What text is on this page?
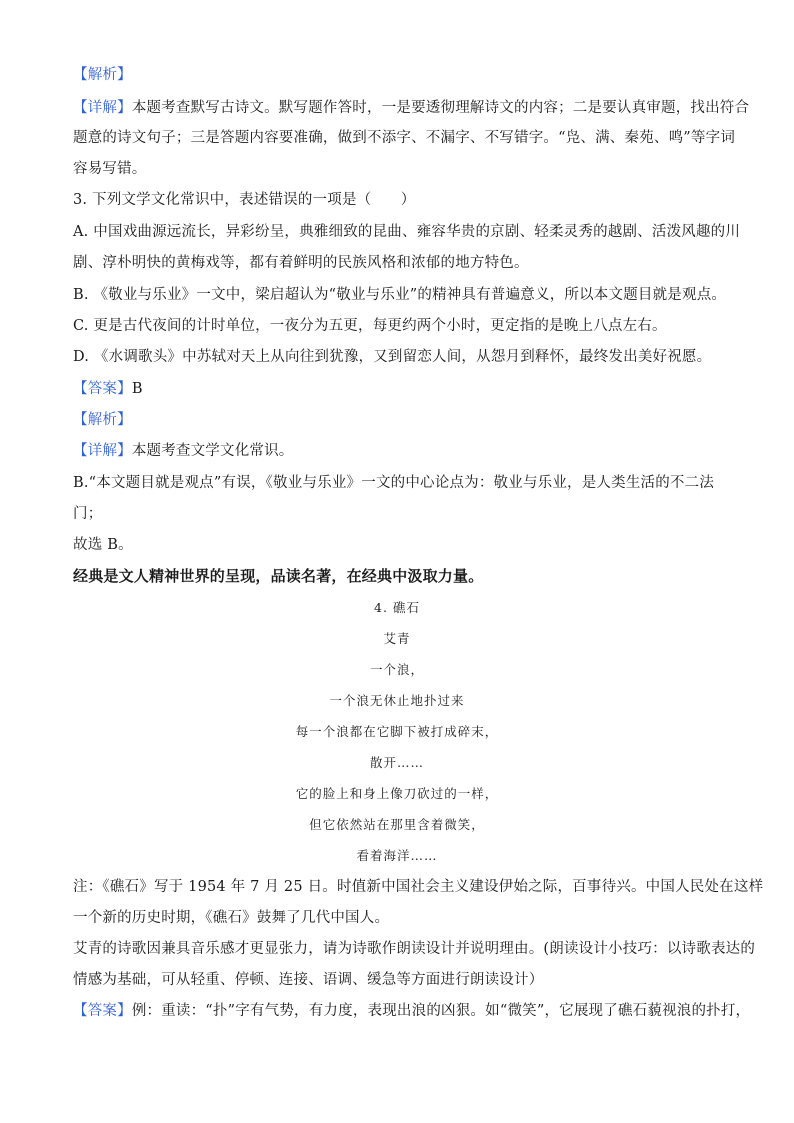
【解析】
【详解】本题考查默写古诗文。默写题作答时，一是要透彻理解诗文的内容；二是要认真审题，找出符合
题意的诗文句子；三是答题内容要准确，做到不添字、不漏字、不写错字。“凫、满、秦苑、鸣”等字词
容易写错。
3. 下列文学文化常识中，表述错误的一项是（　　）
A. 中国戏曲源远流长，异彩纷呈，典雅细致的昆曲、雍容华贵的京剧、轻柔灵秀的越剧、活泼风趣的川
剧、淳朴明快的黄梅戏等，都有着鲜明的民族风格和浓郁的地方特色。
B. 《敬业与乐业》一文中，梁启超认为“敬业与乐业”的精神具有普遍意义，所以本文题目就是观点。
C. 更是古代夜间的计时单位，一夜分为五更，每更约两个小时，更定指的是晚上八点左右。
D. 《水调歌头》中苏轼对天上从向往到犹豫，又到留恋人间，从怨月到释怀，最终发出美好祝愿。
【答案】B
【解析】
【详解】本题考查文学文化常识。
B.“本文题目就是观点”有误，《敬业与乐业》一文的中心论点为：敬业与乐业，是人类生活的不二法
门；
故选 B。
经典是文人精神世界的呈现，品读名著，在经典中汲取力量。
4. 礁石
艾青
一个浪，
一个浪无休止地扑过来
每一个浪都在它脚下被打成碎末，
散开……
它的脸上和身上像刀砍过的一样，
但它依然站在那里含着微笑，
看着海洋……
注：《礁石》写于 1954 年 7 月 25 日。时值新中国社会主义建设伊始之际，百事待兴。中国人民处在这样
一个新的历史时期，《礁石》鼓舞了几代中国人。
艾青的诗歌因兼具音乐感才更显张力，请为诗歌作朗读设计并说明理由。(朗读设计小技巧：以诗歌表达的
情感为基础，可从轻重、停顿、连接、语调、缓急等方面进行朗读设计）
【答案】例：重读：“扑”字有气势，有力度，表现出浪的凶狠。如“微笑”，它展现了礁石藐视浪的扑打，
